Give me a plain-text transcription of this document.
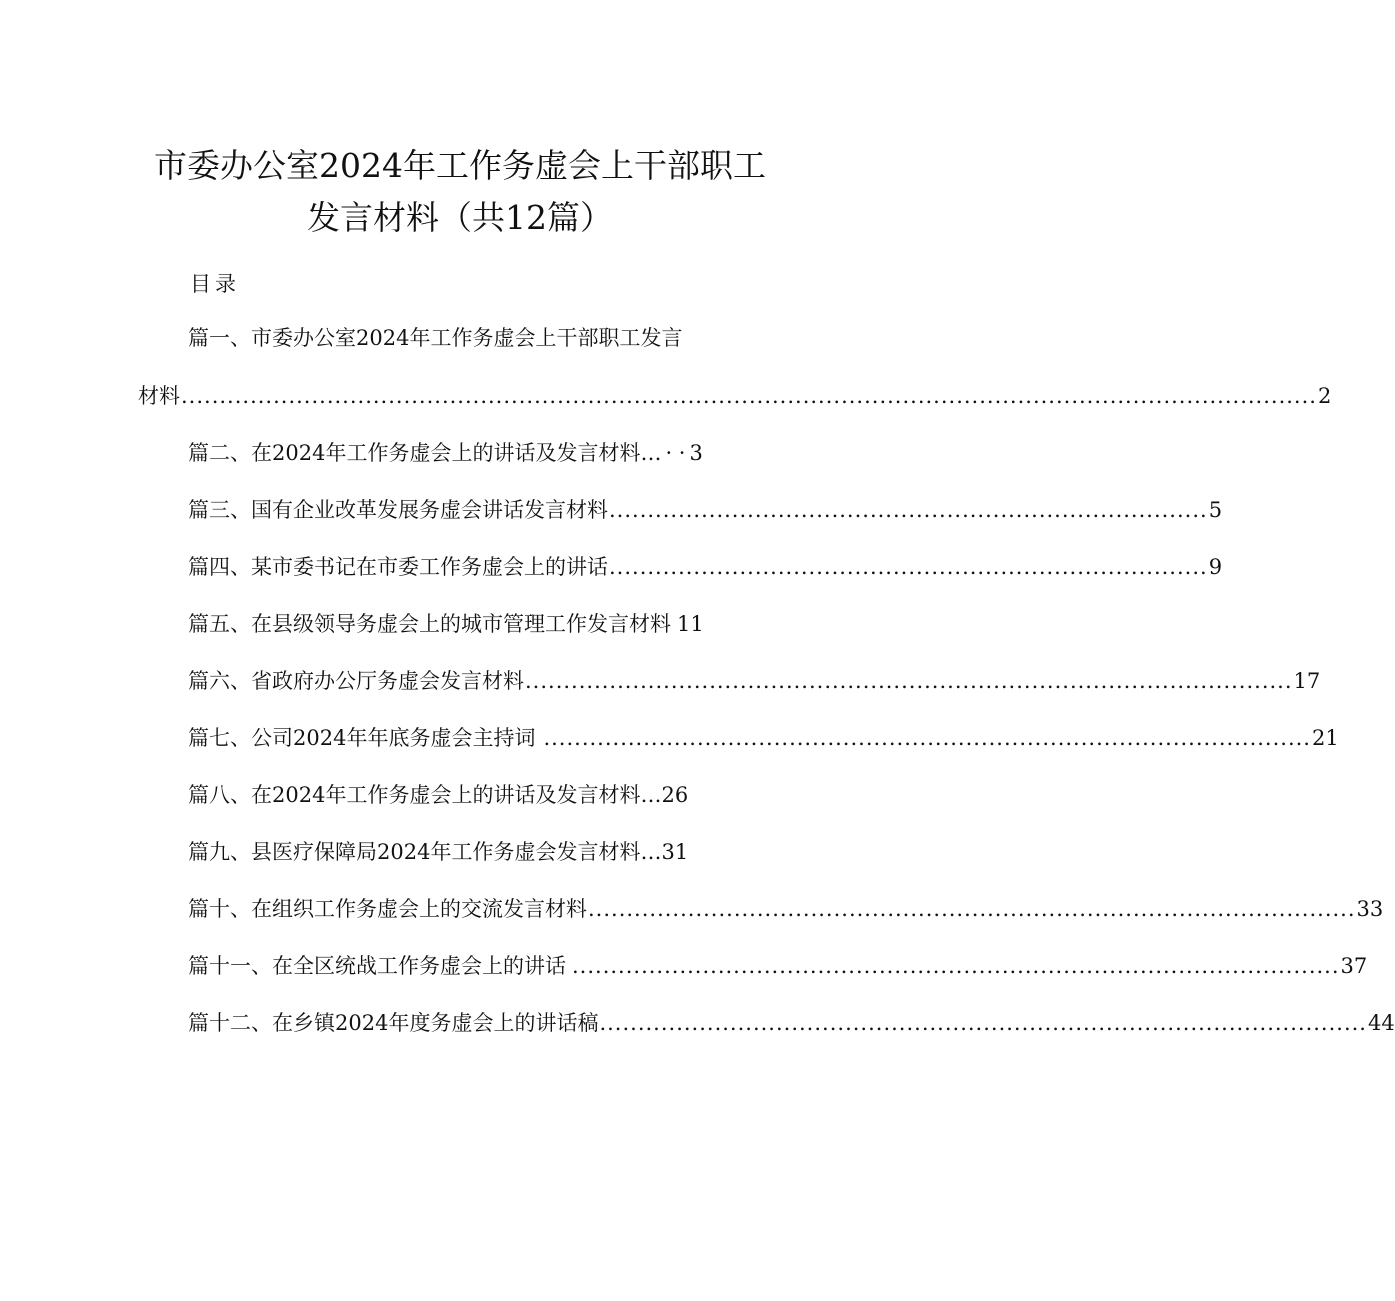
市委办公室2024年工作务虚会上干部职工
发言材料（共12篇）
目录
篇一、市委办公室2024年工作务虚会上干部职工发言
材料 .................................................................................................................................................... 2
篇二、在2024年工作务虚会上的讲话及发言材料… · · 3
篇三、国有企业改革发展务虚会讲话发言材料 .............................................................................. 5
篇四、某市委书记在市委工作务虚会上的讲话 .............................................................................. 9
篇五、在县级领导务虚会上的城市管理工作发言材料 11
篇六、省政府办公厅务虚会发言材料 .................................................................................................... 17
篇七、公司2024年年底务虚会主持词 .................................................................................................... 21
篇八、在2024年工作务虚会上的讲话及发言材料… 26
篇九、县医疗保障局2024年工作务虚会发言材料… 31
篇十、在组织工作务虚会上的交流发言材料 .................................................................................................... 33
篇十一、在全区统战工作务虚会上的讲话 .................................................................................................... 37
篇十二、在乡镇2024年度务虚会上的讲话稿 .................................................................................................... 44
